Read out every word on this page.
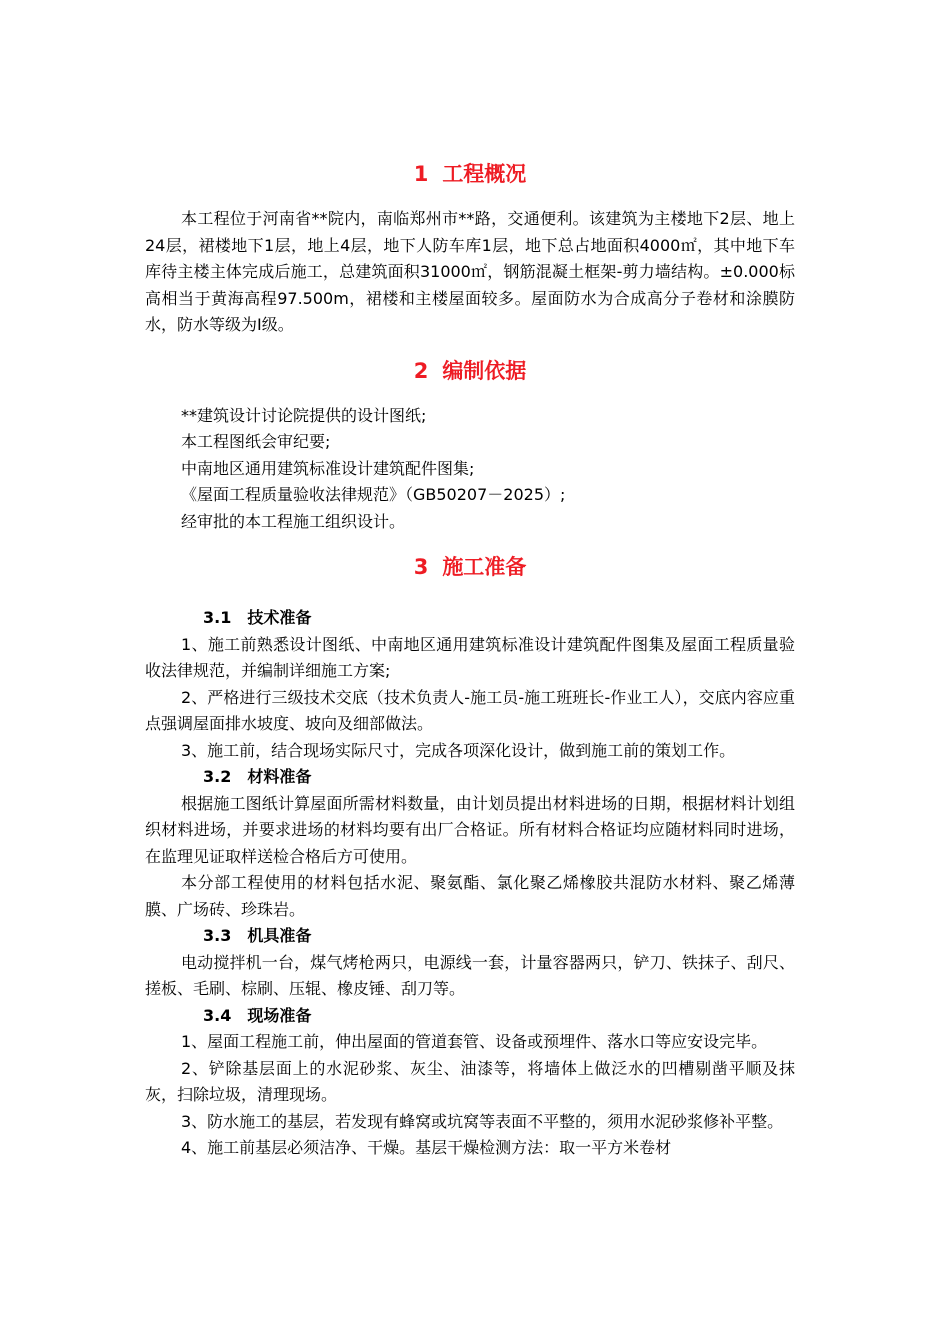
1 工程概况

本工程位于河南省**院内，南临郑州市**路，交通便利。该建筑为主楼地下2层、地上24层，裙楼地下1层，地上4层，地下人防车库1层，地下总占地面积4000㎡，其中地下车库待主楼主体完成后施工，总建筑面积31000㎡，钢筋混凝土框架-剪力墙结构。±0.000标高相当于黄海高程97.500m，裙楼和主楼屋面较多。屋面防水为合成高分子卷材和涂膜防水，防水等级为I级。

2 编制依据

**建筑设计讨论院提供的设计图纸;

本工程图纸会审纪要;

中南地区通用建筑标准设计建筑配件图集;

《屋面工程质量验收法律规范》（GB50207－2025）;

经审批的本工程施工组织设计。

3 施工准备

3.1 技术准备

1、施工前熟悉设计图纸、中南地区通用建筑标准设计建筑配件图集及屋面工程质量验收法律规范，并编制详细施工方案;

2、严格进行三级技术交底（技术负责人-施工员-施工班班长-作业工人），交底内容应重点强调屋面排水坡度、坡向及细部做法。

3、施工前，结合现场实际尺寸，完成各项深化设计，做到施工前的策划工作。

3.2 材料准备

根据施工图纸计算屋面所需材料数量，由计划员提出材料进场的日期，根据材料计划组织材料进场，并要求进场的材料均要有出厂合格证。所有材料合格证均应随材料同时进场，在监理见证取样送检合格后方可使用。

本分部工程使用的材料包括水泥、聚氨酯、氯化聚乙烯橡胶共混防水材料、聚乙烯薄膜、广场砖、珍珠岩。

3.3 机具准备

电动搅拌机一台，煤气烤枪两只，电源线一套，计量容器两只，铲刀、铁抹子、刮尺、搓板、毛刷、棕刷、压辊、橡皮锤、刮刀等。

3.4 现场准备

1、屋面工程施工前，伸出屋面的管道套管、设备或预埋件、落水口等应安设完毕。

2、铲除基层面上的水泥砂浆、灰尘、油漆等，将墙体上做泛水的凹槽剔凿平顺及抹灰，扫除垃圾，清理现场。

3、防水施工的基层，若发现有蜂窝或坑窝等表面不平整的，须用水泥砂浆修补平整。

4、施工前基层必须洁净、干燥。基层干燥检测方法：取一平方米卷材
